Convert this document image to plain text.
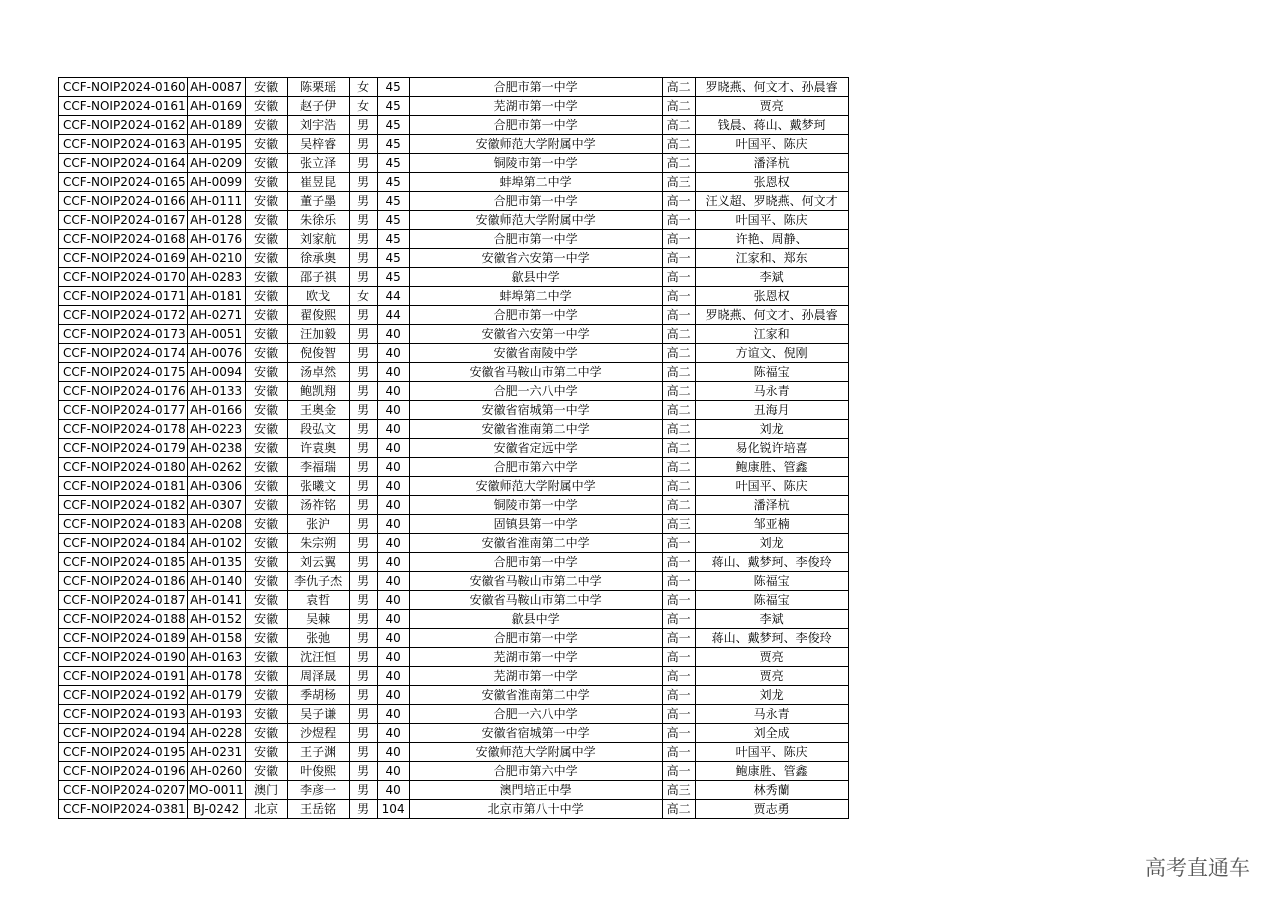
CCF-NOIP2024-0160	AH-0087	安徽	陈栗瑶	女	45	合肥市第一中学	高二	罗晓燕、何文才、孙晨睿
CCF-NOIP2024-0161	AH-0169	安徽	赵子伊	女	45	芜湖市第一中学	高二	贾亮
CCF-NOIP2024-0162	AH-0189	安徽	刘宇浩	男	45	合肥市第一中学	高二	钱晨、蒋山、戴梦珂
CCF-NOIP2024-0163	AH-0195	安徽	吴梓睿	男	45	安徽师范大学附属中学	高二	叶国平、陈庆
CCF-NOIP2024-0164	AH-0209	安徽	张立泽	男	45	铜陵市第一中学	高二	潘泽杭
CCF-NOIP2024-0165	AH-0099	安徽	崔昱昆	男	45	蚌埠第二中学	高三	张恩权
CCF-NOIP2024-0166	AH-0111	安徽	董子墨	男	45	合肥市第一中学	高一	汪义超、罗晓燕、何文才
CCF-NOIP2024-0167	AH-0128	安徽	朱徐乐	男	45	安徽师范大学附属中学	高一	叶国平、陈庆
CCF-NOIP2024-0168	AH-0176	安徽	刘家航	男	45	合肥市第一中学	高一	许艳、周静、
CCF-NOIP2024-0169	AH-0210	安徽	徐承奥	男	45	安徽省六安第一中学	高一	江家和、郑东
CCF-NOIP2024-0170	AH-0283	安徽	邵子祺	男	45	歙县中学	高一	李斌
CCF-NOIP2024-0171	AH-0181	安徽	欧戈	女	44	蚌埠第二中学	高一	张恩权
CCF-NOIP2024-0172	AH-0271	安徽	翟俊熙	男	44	合肥市第一中学	高一	罗晓燕、何文才、孙晨睿
CCF-NOIP2024-0173	AH-0051	安徽	汪加毅	男	40	安徽省六安第一中学	高二	江家和
CCF-NOIP2024-0174	AH-0076	安徽	倪俊智	男	40	安徽省南陵中学	高二	方谊文、倪刚
CCF-NOIP2024-0175	AH-0094	安徽	汤卓然	男	40	安徽省马鞍山市第二中学	高二	陈福宝
CCF-NOIP2024-0176	AH-0133	安徽	鲍凯翔	男	40	合肥一六八中学	高二	马永青
CCF-NOIP2024-0177	AH-0166	安徽	王奥金	男	40	安徽省宿城第一中学	高二	丑海月
CCF-NOIP2024-0178	AH-0223	安徽	段弘文	男	40	安徽省淮南第二中学	高二	刘龙
CCF-NOIP2024-0179	AH-0238	安徽	许袁奥	男	40	安徽省定远中学	高二	易化锐许培喜
CCF-NOIP2024-0180	AH-0262	安徽	李福瑞	男	40	合肥市第六中学	高二	鲍康胜、管鑫
CCF-NOIP2024-0181	AH-0306	安徽	张曦文	男	40	安徽师范大学附属中学	高二	叶国平、陈庆
CCF-NOIP2024-0182	AH-0307	安徽	汤祚铭	男	40	铜陵市第一中学	高二	潘泽杭
CCF-NOIP2024-0183	AH-0208	安徽	张沪	男	40	固镇县第一中学	高三	邹亚楠
CCF-NOIP2024-0184	AH-0102	安徽	朱宗朔	男	40	安徽省淮南第二中学	高一	刘龙
CCF-NOIP2024-0185	AH-0135	安徽	刘云翼	男	40	合肥市第一中学	高一	蒋山、戴梦珂、李俊玲
CCF-NOIP2024-0186	AH-0140	安徽	李仇子杰	男	40	安徽省马鞍山市第二中学	高一	陈福宝
CCF-NOIP2024-0187	AH-0141	安徽	袁哲	男	40	安徽省马鞍山市第二中学	高一	陈福宝
CCF-NOIP2024-0188	AH-0152	安徽	吴棘	男	40	歙县中学	高一	李斌
CCF-NOIP2024-0189	AH-0158	安徽	张弛	男	40	合肥市第一中学	高一	蒋山、戴梦珂、李俊玲
CCF-NOIP2024-0190	AH-0163	安徽	沈汪恒	男	40	芜湖市第一中学	高一	贾亮
CCF-NOIP2024-0191	AH-0178	安徽	周泽晟	男	40	芜湖市第一中学	高一	贾亮
CCF-NOIP2024-0192	AH-0179	安徽	季胡杨	男	40	安徽省淮南第二中学	高一	刘龙
CCF-NOIP2024-0193	AH-0193	安徽	吴子谦	男	40	合肥一六八中学	高一	马永青
CCF-NOIP2024-0194	AH-0228	安徽	沙煜程	男	40	安徽省宿城第一中学	高一	刘全成
CCF-NOIP2024-0195	AH-0231	安徽	王子渊	男	40	安徽师范大学附属中学	高一	叶国平、陈庆
CCF-NOIP2024-0196	AH-0260	安徽	叶俊熙	男	40	合肥市第六中学	高一	鲍康胜、管鑫
CCF-NOIP2024-0207	MO-0011	澳门	李彦一	男	40	澳門培正中學	高三	林秀蘭
CCF-NOIP2024-0381	BJ-0242	北京	王岳铭	男	104	北京市第八十中学	高二	贾志勇
高考直通车
